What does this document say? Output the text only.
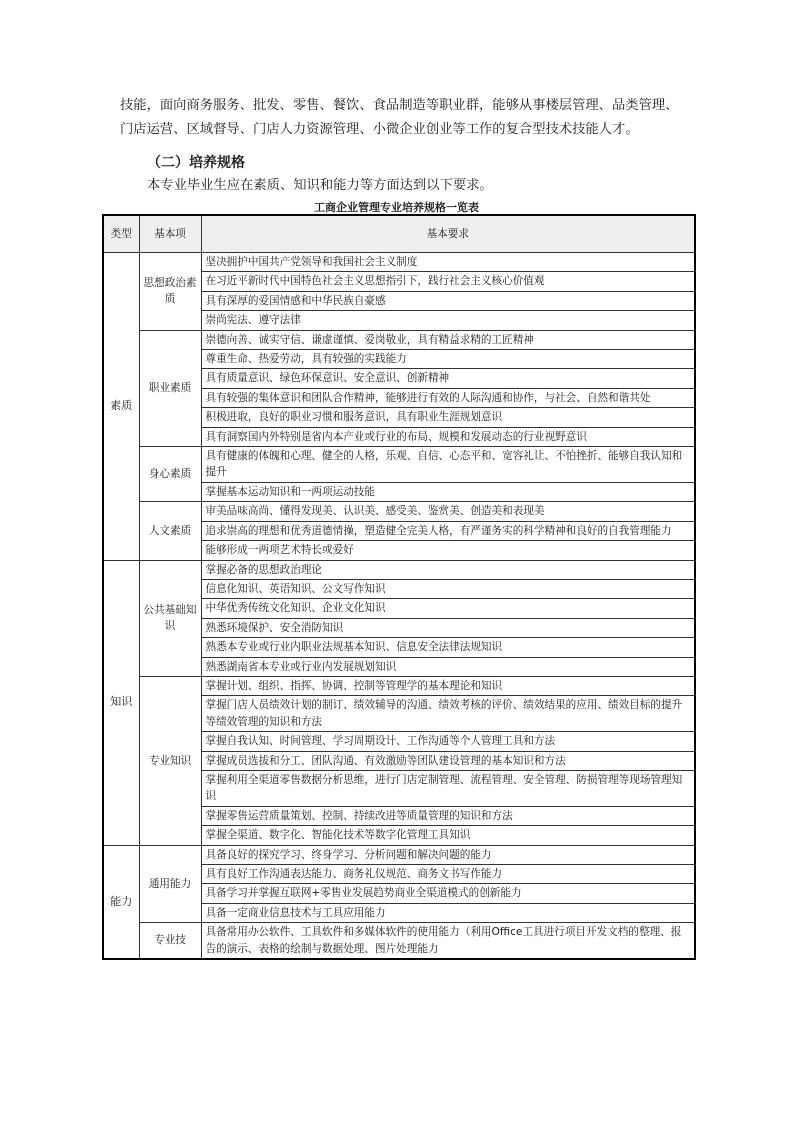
技能，面向商务服务、批发、零售、餐饮、食品制造等职业群，能够从事楼层管理、品类管理、门店运营、区域督导、门店人力资源管理、小微企业创业等工作的复合型技术技能人才。

（二）培养规格

本专业毕业生应在素质、知识和能力等方面达到以下要求。

工商企业管理专业培养规格一览表

类型	基本项	基本要求
素质	思想政治素质	坚决拥护中国共产党领导和我国社会主义制度
		在习近平新时代中国特色社会主义思想指引下，践行社会主义核心价值观
		具有深厚的爱国情感和中华民族自豪感
		崇尚宪法、遵守法律
	职业素质	崇德向善、诚实守信、谦虚谨慎、爱岗敬业，具有精益求精的工匠精神
		尊重生命、热爱劳动，具有较强的实践能力
		具有质量意识、绿色环保意识、安全意识、创新精神
		具有较强的集体意识和团队合作精神，能够进行有效的人际沟通和协作，与社会、自然和谐共处
		积极进取，良好的职业习惯和服务意识，具有职业生涯规划意识
		具有洞察国内外特别是省内本产业或行业的布局、规模和发展动态的行业视野意识
	身心素质	具有健康的体魄和心理、健全的人格，乐观、自信、心态平和、宽容礼让、不怕挫折、能够自我认知和提升
		掌握基本运动知识和一两项运动技能
	人文素质	审美品味高尚、懂得发现美、认识美、感受美、鉴赏美、创造美和表现美
		追求崇高的理想和优秀道德情操，塑造健全完美人格，有严谨务实的科学精神和良好的自我管理能力
		能够形成一两项艺术特长或爱好
知识	公共基础知识	掌握必备的思想政治理论
		信息化知识、英语知识、公文写作知识
		中华优秀传统文化知识、企业文化知识
		熟悉环境保护、安全消防知识
		熟悉本专业或行业内职业法规基本知识、信息安全法律法规知识
		熟悉湖南省本专业或行业内发展规划知识
	专业知识	掌握计划、组织、指挥、协调、控制等管理学的基本理论和知识
		掌握门店人员绩效计划的制订、绩效辅导的沟通、绩效考核的评价、绩效结果的应用、绩效目标的提升等绩效管理的知识和方法
		掌握自我认知、时间管理、学习周期设计、工作沟通等个人管理工具和方法
		掌握成员选拔和分工、团队沟通、有效激励等团队建设管理的基本知识和方法
		掌握利用全渠道零售数据分析思维，进行门店定制管理、流程管理、安全管理、防损管理等现场管理知识
		掌握零售运营质量策划、控制、持续改进等质量管理的知识和方法
		掌握全渠道、数字化、智能化技术等数字化管理工具知识
能力	通用能力	具备良好的探究学习、终身学习、分析问题和解决问题的能力
		具有良好工作沟通表达能力、商务礼仪规范、商务文书写作能力
		具备学习并掌握互联网+零售业发展趋势商业全渠道模式的创新能力
		具备一定商业信息技术与工具应用能力
	专业技	具备常用办公软件、工具软件和多媒体软件的使用能力（利用Office工具进行项目开发文档的整理、报告的演示、表格的绘制与数据处理、图片处理能力
